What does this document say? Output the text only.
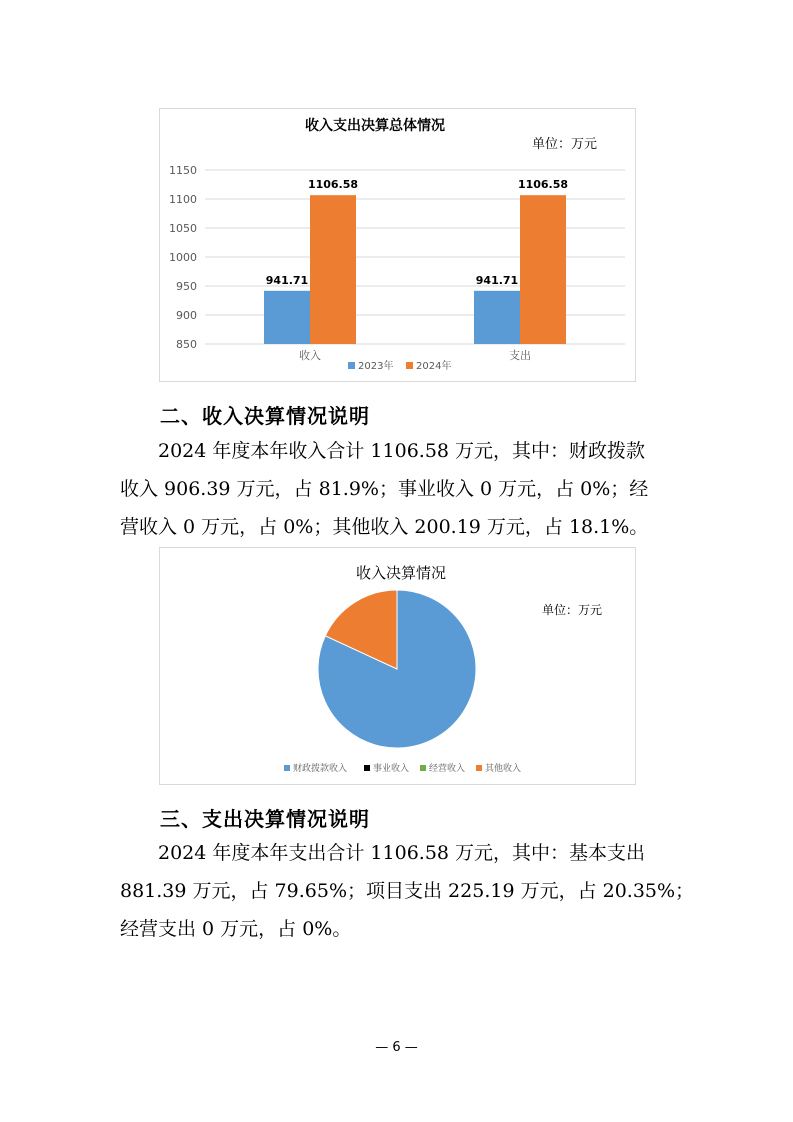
收入支出决算总体情况
单位：万元
850
900
950
1000
1050
1100
1150
941.71
1106.58
收入
941.71
1106.58
支出
2023年 2024年
二、收入决算情况说明
2024 年度本年收入合计 1106.58 万元，其中：财政拨款
收入 906.39 万元，占 81.9%；事业收入 0 万元，占 0%；经
营收入 0 万元，占 0%；其他收入 200.19 万元，占 18.1%。
收入决算情况
单位：万元
财政拨款收入	事业收入 经营收入 其他收入
三、支出决算情况说明
2024 年度本年支出合计 1106.58 万元，其中：基本支出
881.39 万元，占 79.65%；项目支出 225.19 万元，占 20.35%；
经营支出 0 万元，占 0%。
— 6 —
